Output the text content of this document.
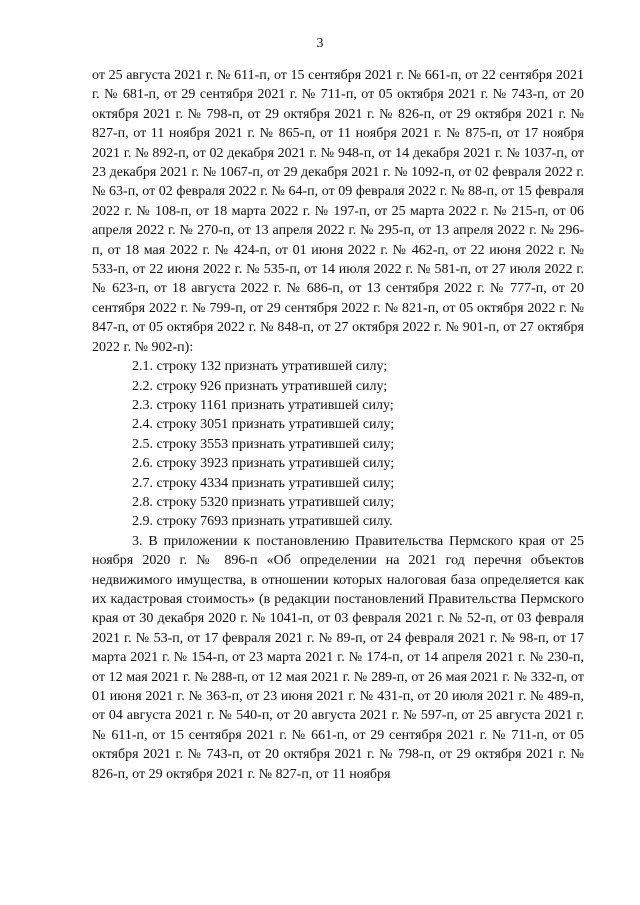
3

от 25 августа 2021 г. № 611-п, от 15 сентября 2021 г. № 661-п, от 22 сентября 2021 г. № 681-п, от 29 сентября 2021 г. № 711-п, от 05 октября 2021 г. № 743-п, от 20 октября 2021 г. № 798-п, от 29 октября 2021 г. № 826-п, от 29 октября 2021 г. № 827-п, от 11 ноября 2021 г. № 865-п, от 11 ноября 2021 г. № 875-п, от 17 ноября 2021 г. № 892-п, от 02 декабря 2021 г. № 948-п, от 14 декабря 2021 г. № 1037-п, от 23 декабря 2021 г. № 1067-п, от 29 декабря 2021 г. № 1092-п, от 02 февраля 2022 г. № 63-п, от 02 февраля 2022 г. № 64-п, от 09 февраля 2022 г. № 88-п, от 15 февраля 2022 г. № 108-п, от 18 марта 2022 г. № 197-п, от 25 марта 2022 г. № 215-п, от 06 апреля 2022 г. № 270-п, от 13 апреля 2022 г. № 295-п, от 13 апреля 2022 г. № 296-п, от 18 мая 2022 г. № 424-п, от 01 июня 2022 г. № 462-п, от 22 июня 2022 г. № 533-п, от 22 июня 2022 г. № 535-п, от 14 июля 2022 г. № 581-п, от 27 июля 2022 г. № 623-п, от 18 августа 2022 г. № 686-п, от 13 сентября 2022 г. № 777-п, от 20 сентября 2022 г. № 799-п, от 29 сентября 2022 г. № 821-п, от 05 октября 2022 г. № 847-п, от 05 октября 2022 г. № 848-п, от 27 октября 2022 г. № 901-п, от 27 октября 2022 г. № 902-п):

2.1. строку 132 признать утратившей силу;

2.2. строку 926 признать утратившей силу;

2.3. строку 1161 признать утратившей силу;

2.4. строку 3051 признать утратившей силу;

2.5. строку 3553 признать утратившей силу;

2.6. строку 3923 признать утратившей силу;

2.7. строку 4334 признать утратившей силу;

2.8. строку 5320 признать утратившей силу;

2.9. строку 7693 признать утратившей силу.

3. В приложении к постановлению Правительства Пермского края от 25 ноября 2020 г. № 896-п «Об определении на 2021 год перечня объектов недвижимого имущества, в отношении которых налоговая база определяется как их кадастровая стоимость» (в редакции постановлений Правительства Пермского края от 30 декабря 2020 г. № 1041-п, от 03 февраля 2021 г. № 52-п, от 03 февраля 2021 г. № 53-п, от 17 февраля 2021 г. № 89-п, от 24 февраля 2021 г. № 98-п, от 17 марта 2021 г. № 154-п, от 23 марта 2021 г. № 174-п, от 14 апреля 2021 г. № 230-п, от 12 мая 2021 г. № 288-п, от 12 мая 2021 г. № 289-п, от 26 мая 2021 г. № 332-п, от 01 июня 2021 г. № 363-п, от 23 июня 2021 г. № 431-п, от 20 июля 2021 г. № 489-п, от 04 августа 2021 г. № 540-п, от 20 августа 2021 г. № 597-п, от 25 августа 2021 г. № 611-п, от 15 сентября 2021 г. № 661-п, от 29 сентября 2021 г. № 711-п, от 05 октября 2021 г. № 743-п, от 20 октября 2021 г. № 798-п, от 29 октября 2021 г. № 826-п, от 29 октября 2021 г. № 827-п, от 11 ноября
